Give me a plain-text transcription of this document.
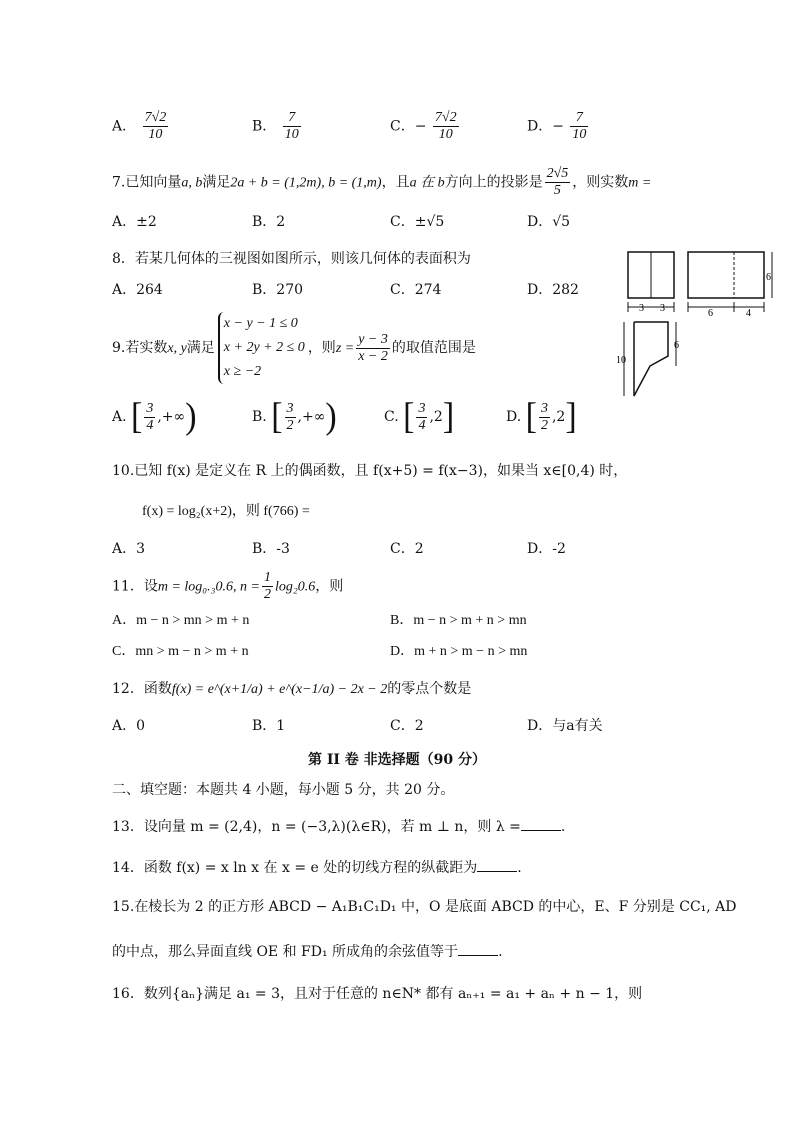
A． $\frac{7√2}{10}$	B． $\frac{7}{10}$	C．− $\frac{7√2}{10}$	D．− $\frac{7}{10}$
7.已知向量a, b满足2a + b = (1,2m), b = (1,m)，且a 在 b方向上的投影是 $\frac{2√5}{5}$ ，则实数m =
A．±2	B．2	C．±√5	D．√5
8．若某几何体的三视图如图所示，则该几何体的表面积为
A．264	B．270	C．274	D．282
3 3	6	4
6
10
6
9.若实数x, y满足
x − y − 1 ≤ 0
x + 2y + 2 ≤ 0
x ≥ −2
，则$z = \frac{y - 3}{x - 2}$ 的取值范围是
A. [ $\frac{3}{4}$ ,+∞)	B. [ $\frac{3}{2}$ ,+∞)	C. [ $\frac{3}{4} ,2$]	D. [ $\frac{3}{2} ,2$]
10.已知 f(x) 是定义在 R 上的偶函数，且 f(x+5) = f(x−3)，如果当 x∈[0,4) 时，
f(x) = log₂(x+2)，则 f(766) =
A．3	B．-3	C．2	D．-2
11．设m = log₀.₃0.6, $n = \frac{1}{2} \log_20.6$，则
A．m − n > mn > m + n	B．m − n > m + n > mn
C．mn > m − n > m + n	D．m + n > m − n > mn
12．函数f(x) = e^(x+1/a) + e^(x−1/a) − 2x − 2的零点个数是
A．0	B．1	C．2	D．与a有关
第 II 卷 非选择题（90 分）
二、填空题：本题共 4 小题，每小题 5 分，共 20 分。
13．设向量 m = (2,4)，n = (−3,λ)(λ∈R)，若 m ⊥ n，则 λ =	.
14．函数 f(x) = x ln x 在 x = e 处的切线方程的纵截距为	.
15.在棱长为 2 的正方形 ABCD − A₁B₁C₁D₁ 中，O 是底面 ABCD 的中心，E、F 分别是 CC₁, AD
的中点，那么异面直线 OE 和 FD₁ 所成角的余弦值等于	.
16．数列{aₙ}满足 a₁ = 3，且对于任意的 n∈N* 都有 aₙ₊₁ = a₁ + aₙ + n − 1，则
